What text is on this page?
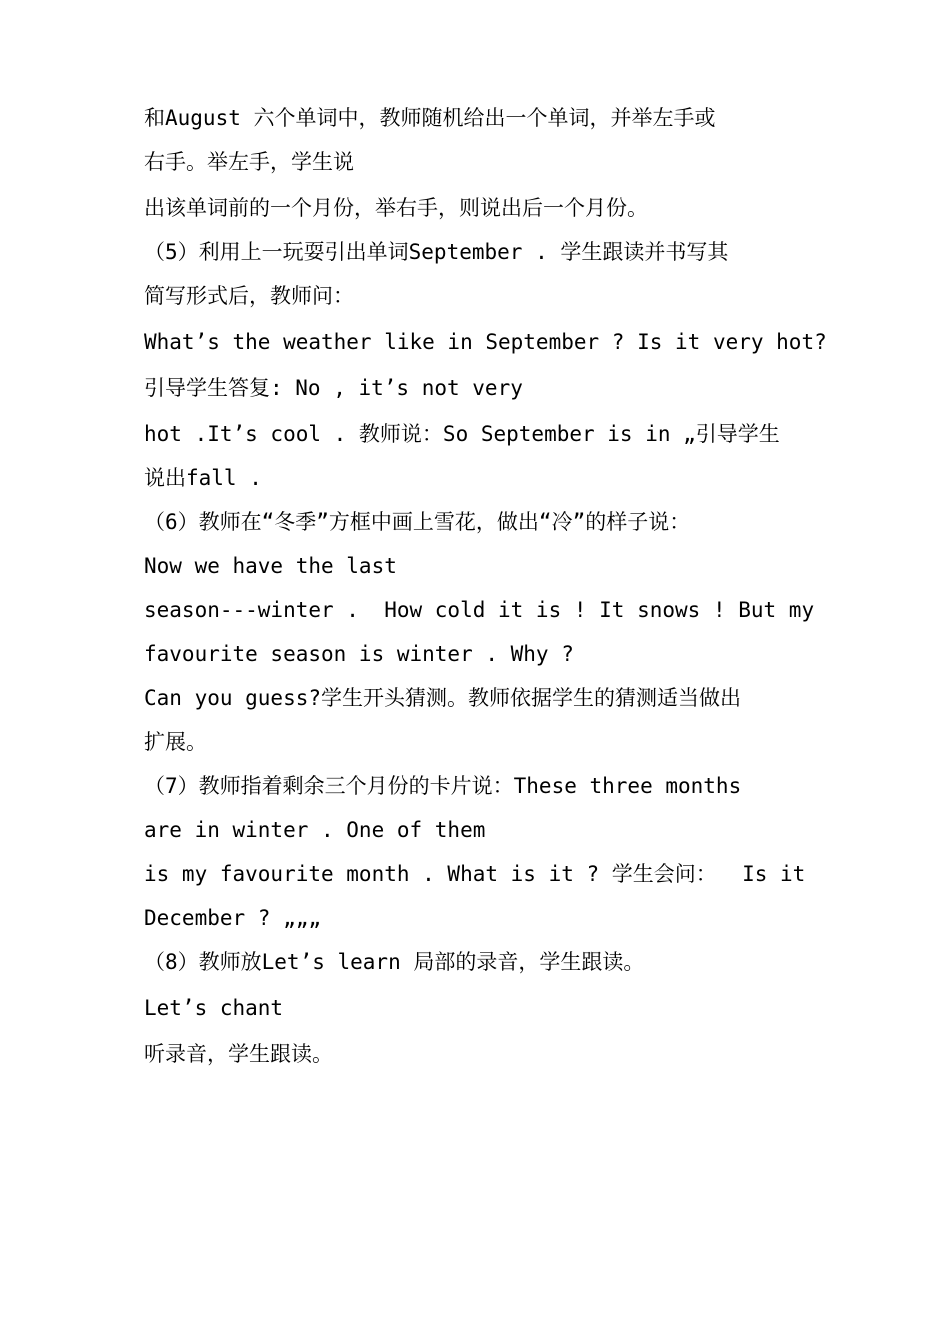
和August 六个单词中，教师随机给出一个单词，并举左手或
右手。举左手，学生说
出该单词前的一个月份，举右手，则说出后一个月份。
（5）利用上一玩耍引出单词September . 学生跟读并书写其
简写形式后，教师问：
What’s the weather like in September ? Is it very hot?
引导学生答复: No , it’s not very
hot .It’s cool . 教师说：So September is in „引导学生
说出fall .
（6）教师在“冬季”方框中画上雪花，做出“冷”的样子说：
Now we have the last
season---winter .  How cold it is ! It snows ! But my
favourite season is winter . Why ?
Can you guess?学生开头猜测。教师依据学生的猜测适当做出
扩展。
（7）教师指着剩余三个月份的卡片说：These three months
are in winter . One of them
is my favourite month . What is it ? 学生会问：  Is it
December ? „„„
（8）教师放Let’s learn 局部的录音，学生跟读。
Let’s chant
听录音，学生跟读。
